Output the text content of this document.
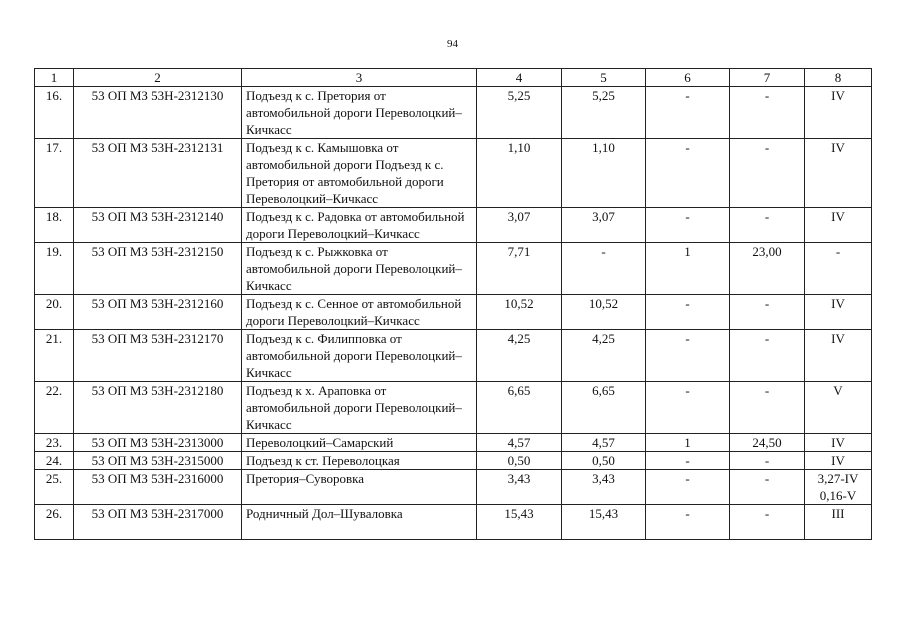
94
1	2	3	4	5	6	7	8
16.	53 ОП МЗ 53Н-2312130	Подъезд к с. Претория от автомобильной дороги Переволоцкий–Кичкасс	5,25	5,25	-	-	IV
17.	53 ОП МЗ 53Н-2312131	Подъезд к с. Камышовка от автомобильной дороги Подъезд к с. Претория от автомобильной дороги Переволоцкий–Кичкасс	1,10	1,10	-	-	IV
18.	53 ОП МЗ 53Н-2312140	Подъезд к с. Радовка от автомобильной дороги Переволоцкий–Кичкасс	3,07	3,07	-	-	IV
19.	53 ОП МЗ 53Н-2312150	Подъезд к с. Рыжковка от автомобильной дороги Переволоцкий–Кичкасс	7,71	-	1	23,00	-
20.	53 ОП МЗ 53Н-2312160	Подъезд к с. Сенное от автомобильной дороги Переволоцкий–Кичкасс	10,52	10,52	-	-	IV
21.	53 ОП МЗ 53Н-2312170	Подъезд к с. Филипповка от автомобильной дороги Переволоцкий–Кичкасс	4,25	4,25	-	-	IV
22.	53 ОП МЗ 53Н-2312180	Подъезд к х. Араповка от автомобильной дороги Переволоцкий–Кичкасс	6,65	6,65	-	-	V
23.	53 ОП МЗ 53Н-2313000	Переволоцкий–Самарский	4,57	4,57	1	24,50	IV
24.	53 ОП МЗ 53Н-2315000	Подъезд к ст. Переволоцкая	0,50	0,50	-	-	IV
25.	53 ОП МЗ 53Н-2316000	Претория–Суворовка	3,43	3,43	-	-	3,27-IV 0,16-V
26.	53 ОП МЗ 53Н-2317000	Родничный Дол–Шуваловка	15,43	15,43	-	-	III
